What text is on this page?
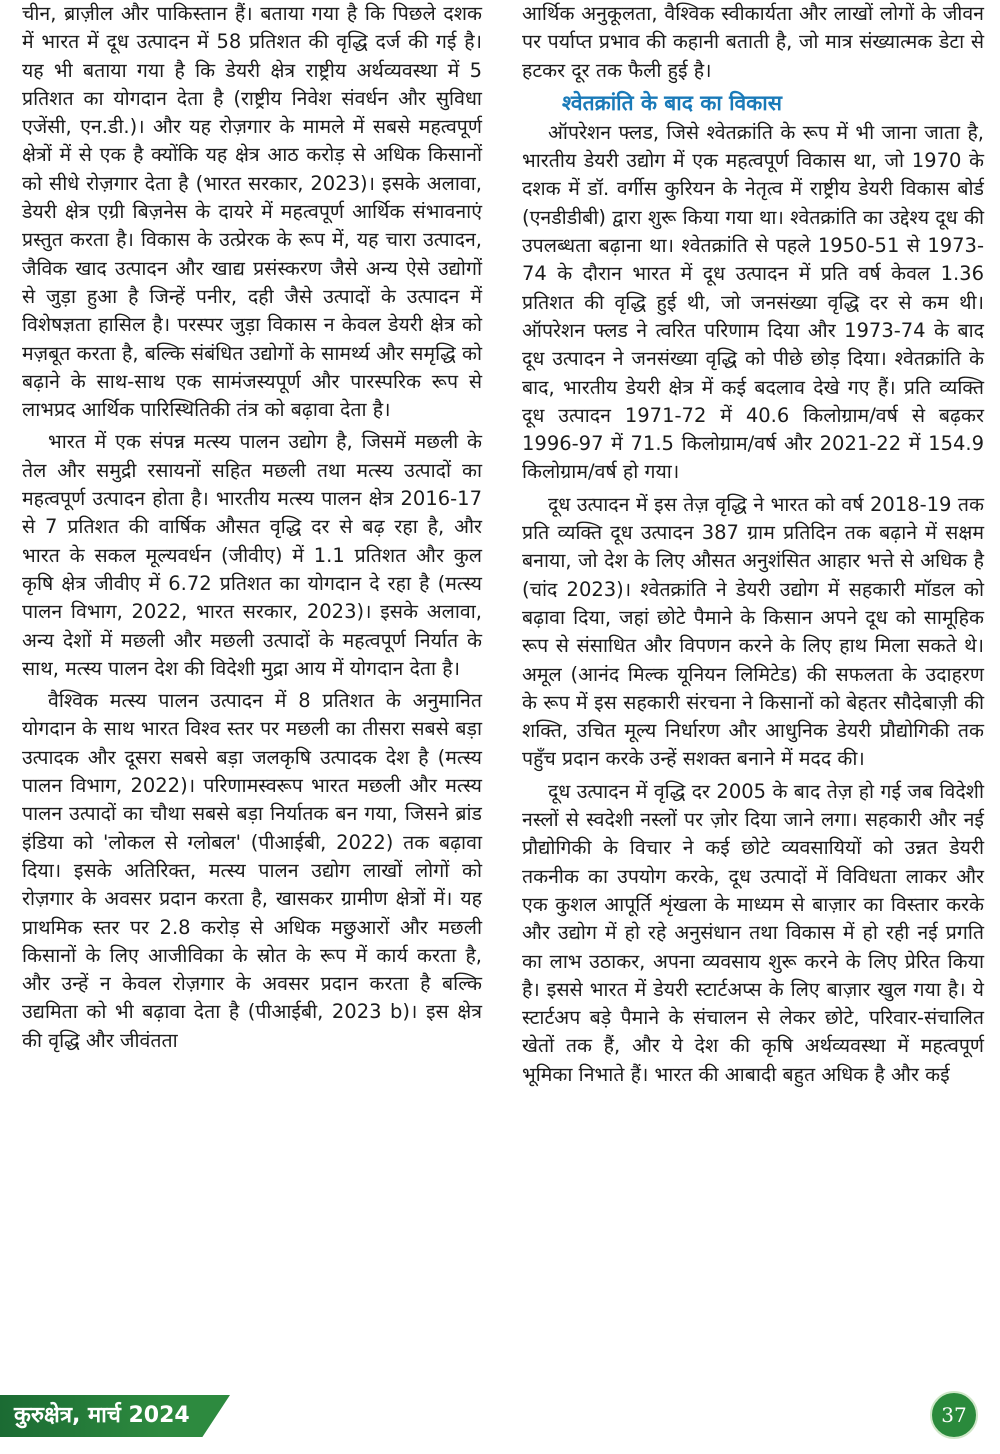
चीन, ब्राज़ील और पाकिस्तान हैं। बताया गया है कि पिछले दशक में भारत में दूध उत्पादन में 58 प्रतिशत की वृद्धि दर्ज की गई है। यह भी बताया गया है कि डेयरी क्षेत्र राष्ट्रीय अर्थव्यवस्था में 5 प्रतिशत का योगदान देता है (राष्ट्रीय निवेश संवर्धन और सुविधा एजेंसी, एन.डी.)। और यह रोज़गार के मामले में सबसे महत्वपूर्ण क्षेत्रों में से एक है क्योंकि यह क्षेत्र आठ करोड़ से अधिक किसानों को सीधे रोज़गार देता है (भारत सरकार, 2023)। इसके अलावा, डेयरी क्षेत्र एग्री बिज़नेस के दायरे में महत्वपूर्ण आर्थिक संभावनाएं प्रस्तुत करता है। विकास के उत्प्रेरक के रूप में, यह चारा उत्पादन, जैविक खाद उत्पादन और खाद्य प्रसंस्करण जैसे अन्य ऐसे उद्योगों से जुड़ा हुआ है जिन्हें पनीर, दही जैसे उत्पादों के उत्पादन में विशेषज्ञता हासिल है। परस्पर जुड़ा विकास न केवल डेयरी क्षेत्र को मज़बूत करता है, बल्कि संबंधित उद्योगों के सामर्थ्य और समृद्धि को बढ़ाने के साथ-साथ एक सामंजस्यपूर्ण और पारस्परिक रूप से लाभप्रद आर्थिक पारिस्थितिकी तंत्र को बढ़ावा देता है।

भारत में एक संपन्न मत्स्य पालन उद्योग है, जिसमें मछली के तेल और समुद्री रसायनों सहित मछली तथा मत्स्य उत्पादों का महत्वपूर्ण उत्पादन होता है। भारतीय मत्स्य पालन क्षेत्र 2016-17 से 7 प्रतिशत की वार्षिक औसत वृद्धि दर से बढ़ रहा है, और भारत के सकल मूल्यवर्धन (जीवीए) में 1.1 प्रतिशत और कुल कृषि क्षेत्र जीवीए में 6.72 प्रतिशत का योगदान दे रहा है (मत्स्य पालन विभाग, 2022, भारत सरकार, 2023)। इसके अलावा, अन्य देशों में मछली और मछली उत्पादों के महत्वपूर्ण निर्यात के साथ, मत्स्य पालन देश की विदेशी मुद्रा आय में योगदान देता है।

वैश्विक मत्स्य पालन उत्पादन में 8 प्रतिशत के अनुमानित योगदान के साथ भारत विश्व स्तर पर मछली का तीसरा सबसे बड़ा उत्पादक और दूसरा सबसे बड़ा जलकृषि उत्पादक देश है (मत्स्य पालन विभाग, 2022)। परिणामस्वरूप भारत मछली और मत्स्य पालन उत्पादों का चौथा सबसे बड़ा निर्यातक बन गया, जिसने ब्रांड इंडिया को 'लोकल से ग्लोबल' (पीआईबी, 2022) तक बढ़ावा दिया। इसके अतिरिक्त, मत्स्य पालन उद्योग लाखों लोगों को रोज़गार के अवसर प्रदान करता है, खासकर ग्रामीण क्षेत्रों में। यह प्राथमिक स्तर पर 2.8 करोड़ से अधिक मछुआरों और मछली किसानों के लिए आजीविका के स्रोत के रूप में कार्य करता है, और उन्हें न केवल रोज़गार के अवसर प्रदान करता है बल्कि उद्यमिता को भी बढ़ावा देता है (पीआईबी, 2023 b)। इस क्षेत्र की वृद्धि और जीवंतता

आर्थिक अनुकूलता, वैश्विक स्वीकार्यता और लाखों लोगों के जीवन पर पर्याप्त प्रभाव की कहानी बताती है, जो मात्र संख्यात्मक डेटा से हटकर दूर तक फैली हुई है।

श्वेतक्रांति के बाद का विकास

ऑपरेशन फ्लड, जिसे श्वेतक्रांति के रूप में भी जाना जाता है, भारतीय डेयरी उद्योग में एक महत्वपूर्ण विकास था, जो 1970 के दशक में डॉ. वर्गीस कुरियन के नेतृत्व में राष्ट्रीय डेयरी विकास बोर्ड (एनडीडीबी) द्वारा शुरू किया गया था। श्वेतक्रांति का उद्देश्य दूध की उपलब्धता बढ़ाना था। श्वेतक्रांति से पहले 1950-51 से 1973-74 के दौरान भारत में दूध उत्पादन में प्रति वर्ष केवल 1.36 प्रतिशत की वृद्धि हुई थी, जो जनसंख्या वृद्धि दर से कम थी। ऑपरेशन फ्लड ने त्वरित परिणाम दिया और 1973-74 के बाद दूध उत्पादन ने जनसंख्या वृद्धि को पीछे छोड़ दिया। श्वेतक्रांति के बाद, भारतीय डेयरी क्षेत्र में कई बदलाव देखे गए हैं। प्रति व्यक्ति दूध उत्पादन 1971-72 में 40.6 किलोग्राम/वर्ष से बढ़कर 1996-97 में 71.5 किलोग्राम/वर्ष और 2021-22 में 154.9 किलोग्राम/वर्ष हो गया।

दूध उत्पादन में इस तेज़ वृद्धि ने भारत को वर्ष 2018-19 तक प्रति व्यक्ति दूध उत्पादन 387 ग्राम प्रतिदिन तक बढ़ाने में सक्षम बनाया, जो देश के लिए औसत अनुशंसित आहार भत्ते से अधिक है (चांद 2023)। श्वेतक्रांति ने डेयरी उद्योग में सहकारी मॉडल को बढ़ावा दिया, जहां छोटे पैमाने के किसान अपने दूध को सामूहिक रूप से संसाधित और विपणन करने के लिए हाथ मिला सकते थे। अमूल (आनंद मिल्क यूनियन लिमिटेड) की सफलता के उदाहरण के रूप में इस सहकारी संरचना ने किसानों को बेहतर सौदेबाज़ी की शक्ति, उचित मूल्य निर्धारण और आधुनिक डेयरी प्रौद्योगिकी तक पहुँच प्रदान करके उन्हें सशक्त बनाने में मदद की।

दूध उत्पादन में वृद्धि दर 2005 के बाद तेज़ हो गई जब विदेशी नस्लों से स्वदेशी नस्लों पर ज़ोर दिया जाने लगा। सहकारी और नई प्रौद्योगिकी के विचार ने कई छोटे व्यवसायियों को उन्नत डेयरी तकनीक का उपयोग करके, दूध उत्पादों में विविधता लाकर और एक कुशल आपूर्ति शृंखला के माध्यम से बाज़ार का विस्तार करके और उद्योग में हो रहे अनुसंधान तथा विकास में हो रही नई प्रगति का लाभ उठाकर, अपना व्यवसाय शुरू करने के लिए प्रेरित किया है। इससे भारत में डेयरी स्टार्टअप्स के लिए बाज़ार खुल गया है। ये स्टार्टअप बड़े पैमाने के संचालन से लेकर छोटे, परिवार-संचालित खेतों तक हैं, और ये देश की कृषि अर्थव्यवस्था में महत्वपूर्ण भूमिका निभाते हैं। भारत की आबादी बहुत अधिक है और कई

कुरुक्षेत्र, मार्च 2024	37
